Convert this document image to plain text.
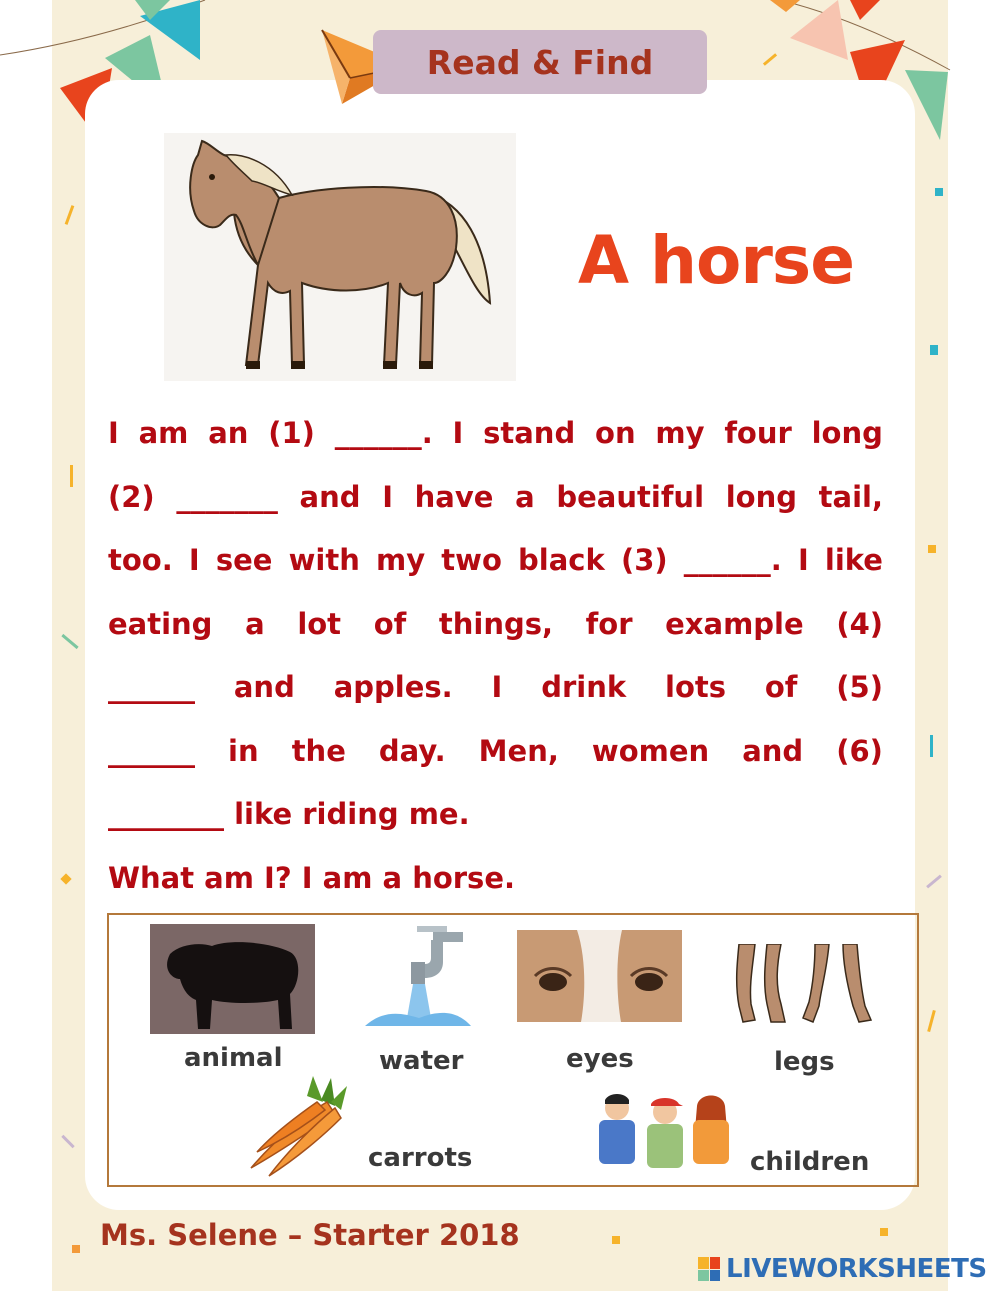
Read & Find
A horse
I am an (1) ______. I stand on my four long
(2) _______ and I have a beautiful long tail,
too. I see with my two black (3) ______. I like
eating a lot of things, for example (4)
______ and apples. I drink lots of (5)
______ in the day. Men, women and (6)
________ like riding me.
What am I? I am a horse.
animal	water	eyes	legs
carrots	children
Ms. Selene – Starter 2018
LIVEWORKSHEETS
